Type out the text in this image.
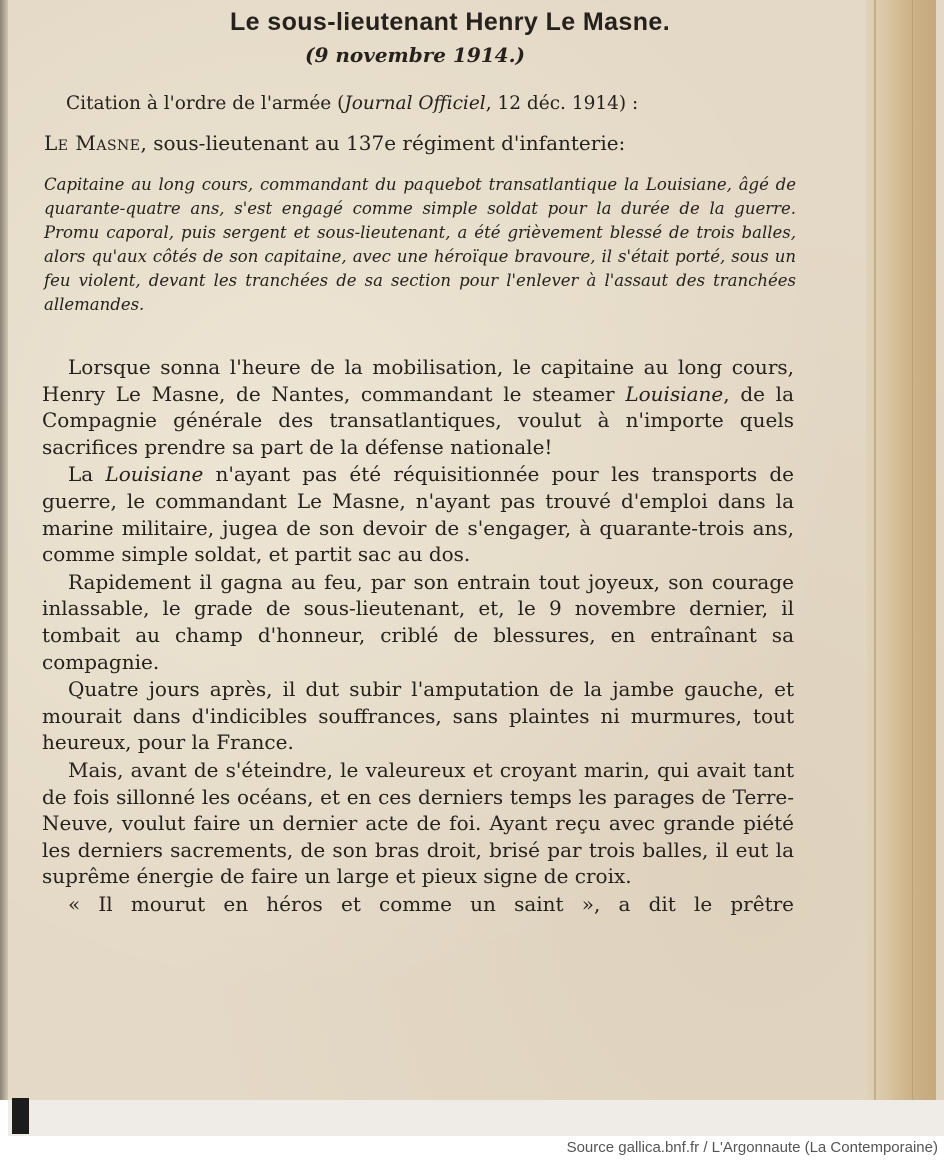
Le sous-lieutenant Henry Le Masne.
(9 novembre 1914.)

Citation à l'ordre de l'armée (Journal Officiel, 12 déc. 1914) :

Le Masne, sous-lieutenant au 137e régiment d'infanterie:

Capitaine au long cours, commandant du paquebot transatlantique la Louisiane, âgé de quarante-quatre ans, s'est engagé comme simple soldat pour la durée de la guerre. Promu caporal, puis sergent et sous-lieutenant, a été grièvement blessé de trois balles, alors qu'aux côtés de son capitaine, avec une héroïque bravoure, il s'était porté, sous un feu violent, devant les tranchées de sa section pour l'enlever à l'assaut des tranchées allemandes.

Lorsque sonna l'heure de la mobilisation, le capitaine au long cours, Henry Le Masne, de Nantes, commandant le steamer Louisiane, de la Compagnie générale des transatlantiques, voulut à n'importe quels sacrifices prendre sa part de la défense nationale!

La Louisiane n'ayant pas été réquisitionnée pour les transports de guerre, le commandant Le Masne, n'ayant pas trouvé d'emploi dans la marine militaire, jugea de son devoir de s'engager, à quarante-trois ans, comme simple soldat, et partit sac au dos.

Rapidement il gagna au feu, par son entrain tout joyeux, son courage inlassable, le grade de sous-lieutenant, et, le 9 novembre dernier, il tombait au champ d'honneur, criblé de blessures, en entraînant sa compagnie.

Quatre jours après, il dut subir l'amputation de la jambe gauche, et mourait dans d'indicibles souffrances, sans plaintes ni murmures, tout heureux, pour la France.

Mais, avant de s'éteindre, le valeureux et croyant marin, qui avait tant de fois sillonné les océans, et en ces derniers temps les parages de Terre-Neuve, voulut faire un dernier acte de foi. Ayant reçu avec grande piété les derniers sacrements, de son bras droit, brisé par trois balles, il eut la suprême énergie de faire un large et pieux signe de croix.

« Il mourut en héros et comme un saint », a dit le prêtre

Source gallica.bnf.fr / L'Argonnaute (La Contemporaine)
